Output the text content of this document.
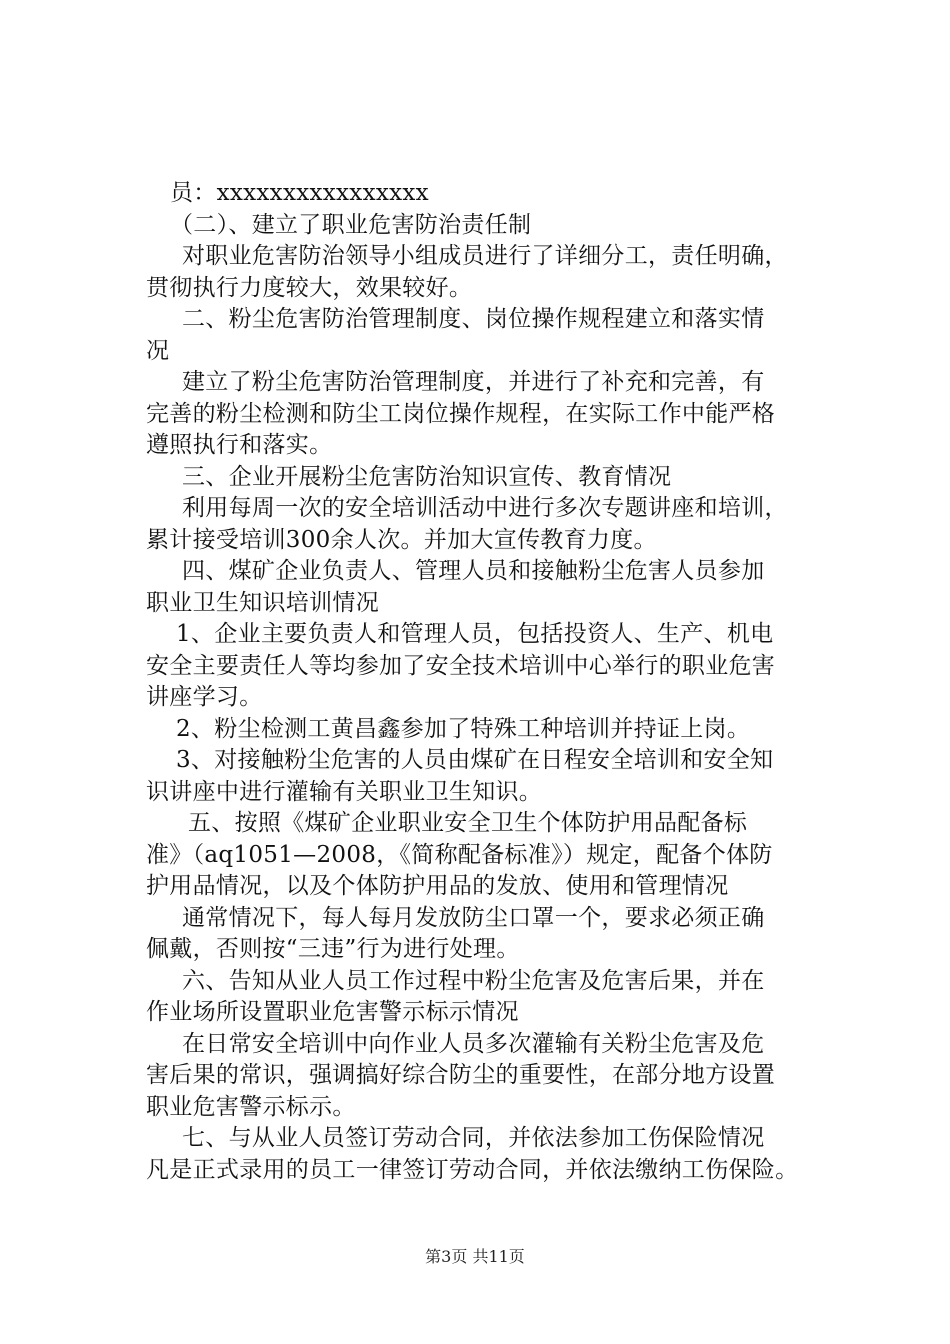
员：xxxxxxxxxxxxxxxx
（二）、建立了职业危害防治责任制
对职业危害防治领导小组成员进行了详细分工，责任明确，
贯彻执行力度较大，效果较好。
二、粉尘危害防治管理制度、岗位操作规程建立和落实情
况
建立了粉尘危害防治管理制度，并进行了补充和完善，有
完善的粉尘检测和防尘工岗位操作规程，在实际工作中能严格
遵照执行和落实。
三、企业开展粉尘危害防治知识宣传、教育情况
利用每周一次的安全培训活动中进行多次专题讲座和培训，
累计接受培训300余人次。并加大宣传教育力度。
四、煤矿企业负责人、管理人员和接触粉尘危害人员参加
职业卫生知识培训情况
1、企业主要负责人和管理人员，包括投资人、生产、机电
安全主要责任人等均参加了安全技术培训中心举行的职业危害
讲座学习。
2、粉尘检测工黄昌鑫参加了特殊工种培训并持证上岗。
3、对接触粉尘危害的人员由煤矿在日程安全培训和安全知
识讲座中进行灌输有关职业卫生知识。
五、按照《煤矿企业职业安全卫生个体防护用品配备标
准》（aq1051—2008，《简称配备标准》）规定，配备个体防
护用品情况，以及个体防护用品的发放、使用和管理情况
通常情况下，每人每月发放防尘口罩一个，要求必须正确
佩戴，否则按“三违”行为进行处理。
六、告知从业人员工作过程中粉尘危害及危害后果，并在
作业场所设置职业危害警示标示情况
在日常安全培训中向作业人员多次灌输有关粉尘危害及危
害后果的常识，强调搞好综合防尘的重要性，在部分地方设置
职业危害警示标示。
七、与从业人员签订劳动合同，并依法参加工伤保险情况
凡是正式录用的员工一律签订劳动合同，并依法缴纳工伤保险。
第3页 共11页
